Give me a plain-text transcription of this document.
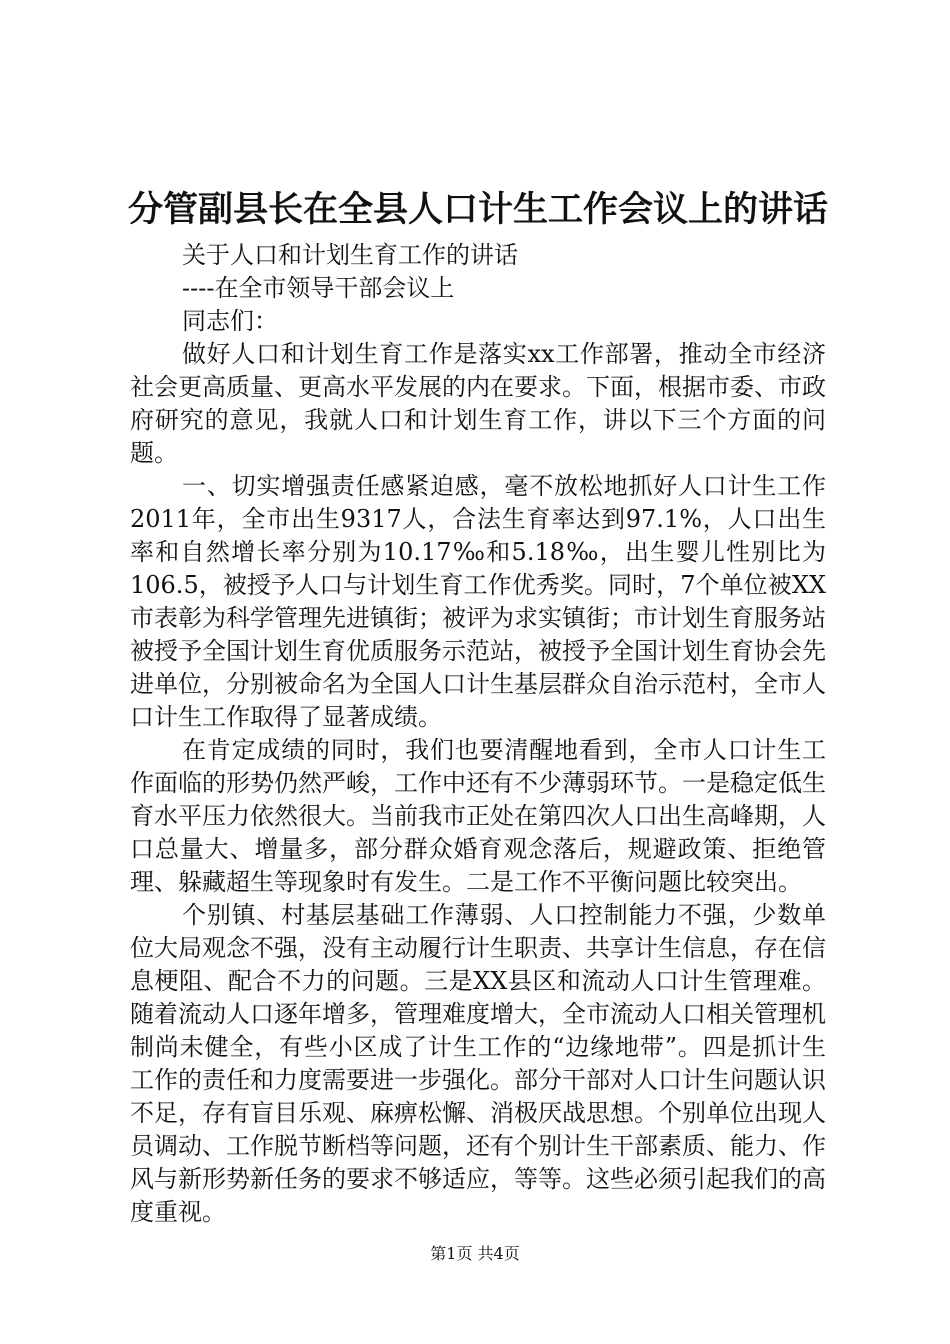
分管副县长在全县人口计生工作会议上的讲话

关于人口和计划生育工作的讲话

----在全市领导干部会议上

同志们：

做好人口和计划生育工作是落实xx工作部署，推动全市经济社会更高质量、更高水平发展的内在要求。下面，根据市委、市政府研究的意见，我就人口和计划生育工作，讲以下三个方面的问题。

一、切实增强责任感紧迫感，毫不放松地抓好人口计生工作2011年，全市出生9317人，合法生育率达到97.1%，人口出生率和自然增长率分别为10.17‰和5.18‰，出生婴儿性别比为106.5，被授予人口与计划生育工作优秀奖。同时，7个单位被XX市表彰为科学管理先进镇街；被评为求实镇街；市计划生育服务站被授予全国计划生育优质服务示范站，被授予全国计划生育协会先进单位，分别被命名为全国人口计生基层群众自治示范村，全市人口计生工作取得了显著成绩。

在肯定成绩的同时，我们也要清醒地看到，全市人口计生工作面临的形势仍然严峻，工作中还有不少薄弱环节。一是稳定低生育水平压力依然很大。当前我市正处在第四次人口出生高峰期，人口总量大、增量多，部分群众婚育观念落后，规避政策、拒绝管理、躲藏超生等现象时有发生。二是工作不平衡问题比较突出。

个别镇、村基层基础工作薄弱、人口控制能力不强，少数单位大局观念不强，没有主动履行计生职责、共享计生信息，存在信息梗阻、配合不力的问题。三是XX县区和流动人口计生管理难。随着流动人口逐年增多，管理难度增大，全市流动人口相关管理机制尚未健全，有些小区成了计生工作的“边缘地带”。四是抓计生工作的责任和力度需要进一步强化。部分干部对人口计生问题认识不足，存有盲目乐观、麻痹松懈、消极厌战思想。个别单位出现人员调动、工作脱节断档等问题，还有个别计生干部素质、能力、作风与新形势新任务的要求不够适应，等等。这些必须引起我们的高度重视。

第1页 共4页
